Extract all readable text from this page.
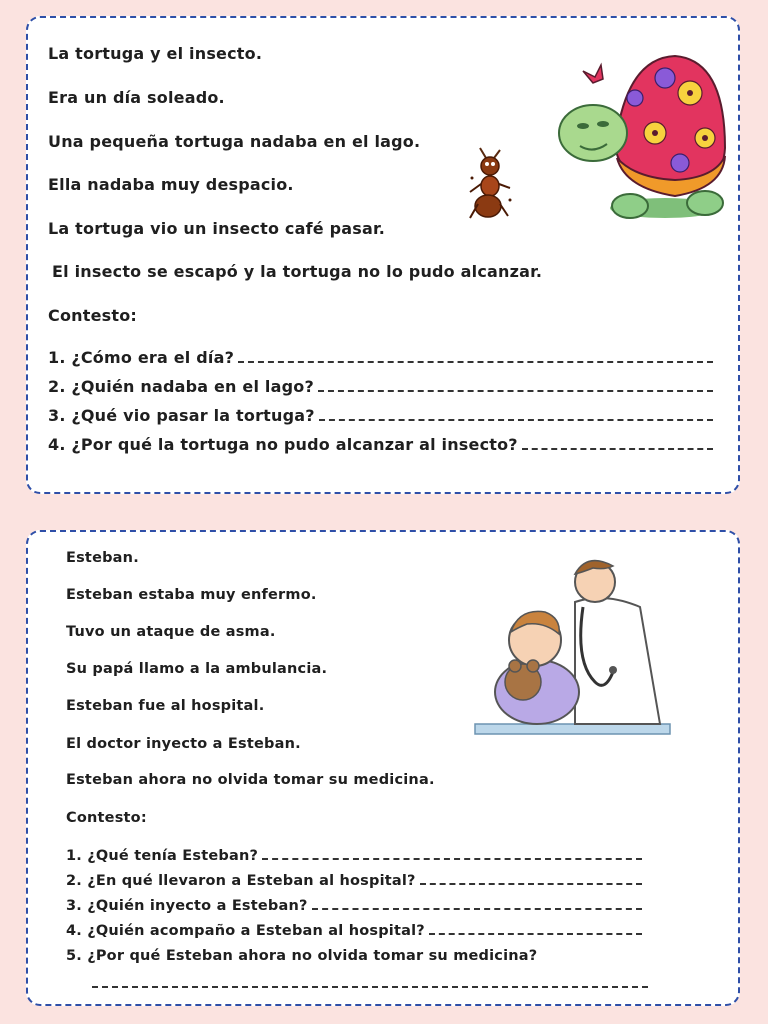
La tortuga y el insecto.
Era un día soleado.
Una pequeña tortuga nadaba en el lago.
Ella nadaba muy despacio.
La tortuga vio un insecto café pasar.
El insecto se escapó y la tortuga no lo pudo alcanzar.
Contesto:
1. ¿Cómo era el día?
2. ¿Quién nadaba en el lago?
3. ¿Qué vio pasar la tortuga?
4. ¿Por qué la tortuga no pudo alcanzar al insecto?
Esteban.
Esteban estaba muy enfermo.
Tuvo un ataque de asma.
Su papá llamo a la ambulancia.
Esteban fue al hospital.
El doctor inyecto a Esteban.
Esteban ahora no olvida tomar su medicina.
Contesto:
1. ¿Qué tenía Esteban?
2. ¿En qué llevaron a Esteban al hospital?
3. ¿Quién inyecto a Esteban?
4. ¿Quién acompaño a Esteban al hospital?
5. ¿Por qué Esteban ahora no olvida tomar su medicina?
